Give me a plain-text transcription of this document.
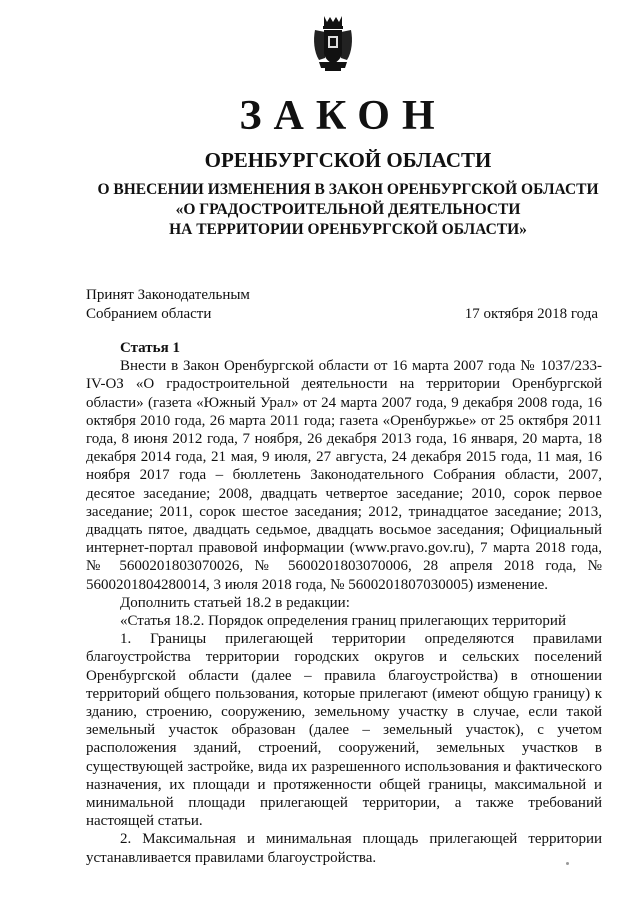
ЗАКОН
ОРЕНБУРГСКОЙ ОБЛАСТИ
О ВНЕСЕНИИ ИЗМЕНЕНИЯ В ЗАКОН ОРЕНБУРГСКОЙ ОБЛАСТИ
«О ГРАДОСТРОИТЕЛЬНОЙ ДЕЯТЕЛЬНОСТИ
НА ТЕРРИТОРИИ ОРЕНБУРГСКОЙ ОБЛАСТИ»
Принят Законодательным
Собранием области	17 октября 2018 года

Статья 1

Внести в Закон Оренбургской области от 16 марта 2007 года № 1037/233-IV-ОЗ «О градостроительной деятельности на территории Оренбургской области» (газета «Южный Урал» от 24 марта 2007 года, 9 декабря 2008 года, 16 октября 2010 года, 26 марта 2011 года; газета «Оренбуржье» от 25 октября 2011 года, 8 июня 2012 года, 7 ноября, 26 декабря 2013 года, 16 января, 20 марта, 18 декабря 2014 года, 21 мая, 9 июля, 27 августа, 24 декабря 2015 года, 11 мая, 16 ноября 2017 года – бюллетень Законодательного Собрания области, 2007, десятое заседание; 2008, двадцать четвертое заседание; 2010, сорок первое заседание; 2011, сорок шестое заседания; 2012, тринадцатое заседание; 2013, двадцать пятое, двадцать седьмое, двадцать восьмое заседания; Официальный интернет-портал правовой информации (www.pravo.gov.ru), 7 марта 2018 года, № 5600201803070026, № 5600201803070006, 28 апреля 2018 года, № 5600201804280014, 3 июля 2018 года, № 5600201807030005) изменение.

Дополнить статьей 18.2 в редакции:

«Статья 18.2. Порядок определения границ прилегающих территорий

1. Границы прилегающей территории определяются правилами благоустройства территории городских округов и сельских поселений Оренбургской области (далее – правила благоустройства) в отношении территорий общего пользования, которые прилегают (имеют общую границу) к зданию, строению, сооружению, земельному участку в случае, если такой земельный участок образован (далее – земельный участок), с учетом расположения зданий, строений, сооружений, земельных участков в существующей застройке, вида их разрешенного использования и фактического назначения, их площади и протяженности общей границы, максимальной и минимальной площади прилегающей территории, а также требований настоящей статьи.

2. Максимальная и минимальная площадь прилегающей территории устанавливается правилами благоустройства.
